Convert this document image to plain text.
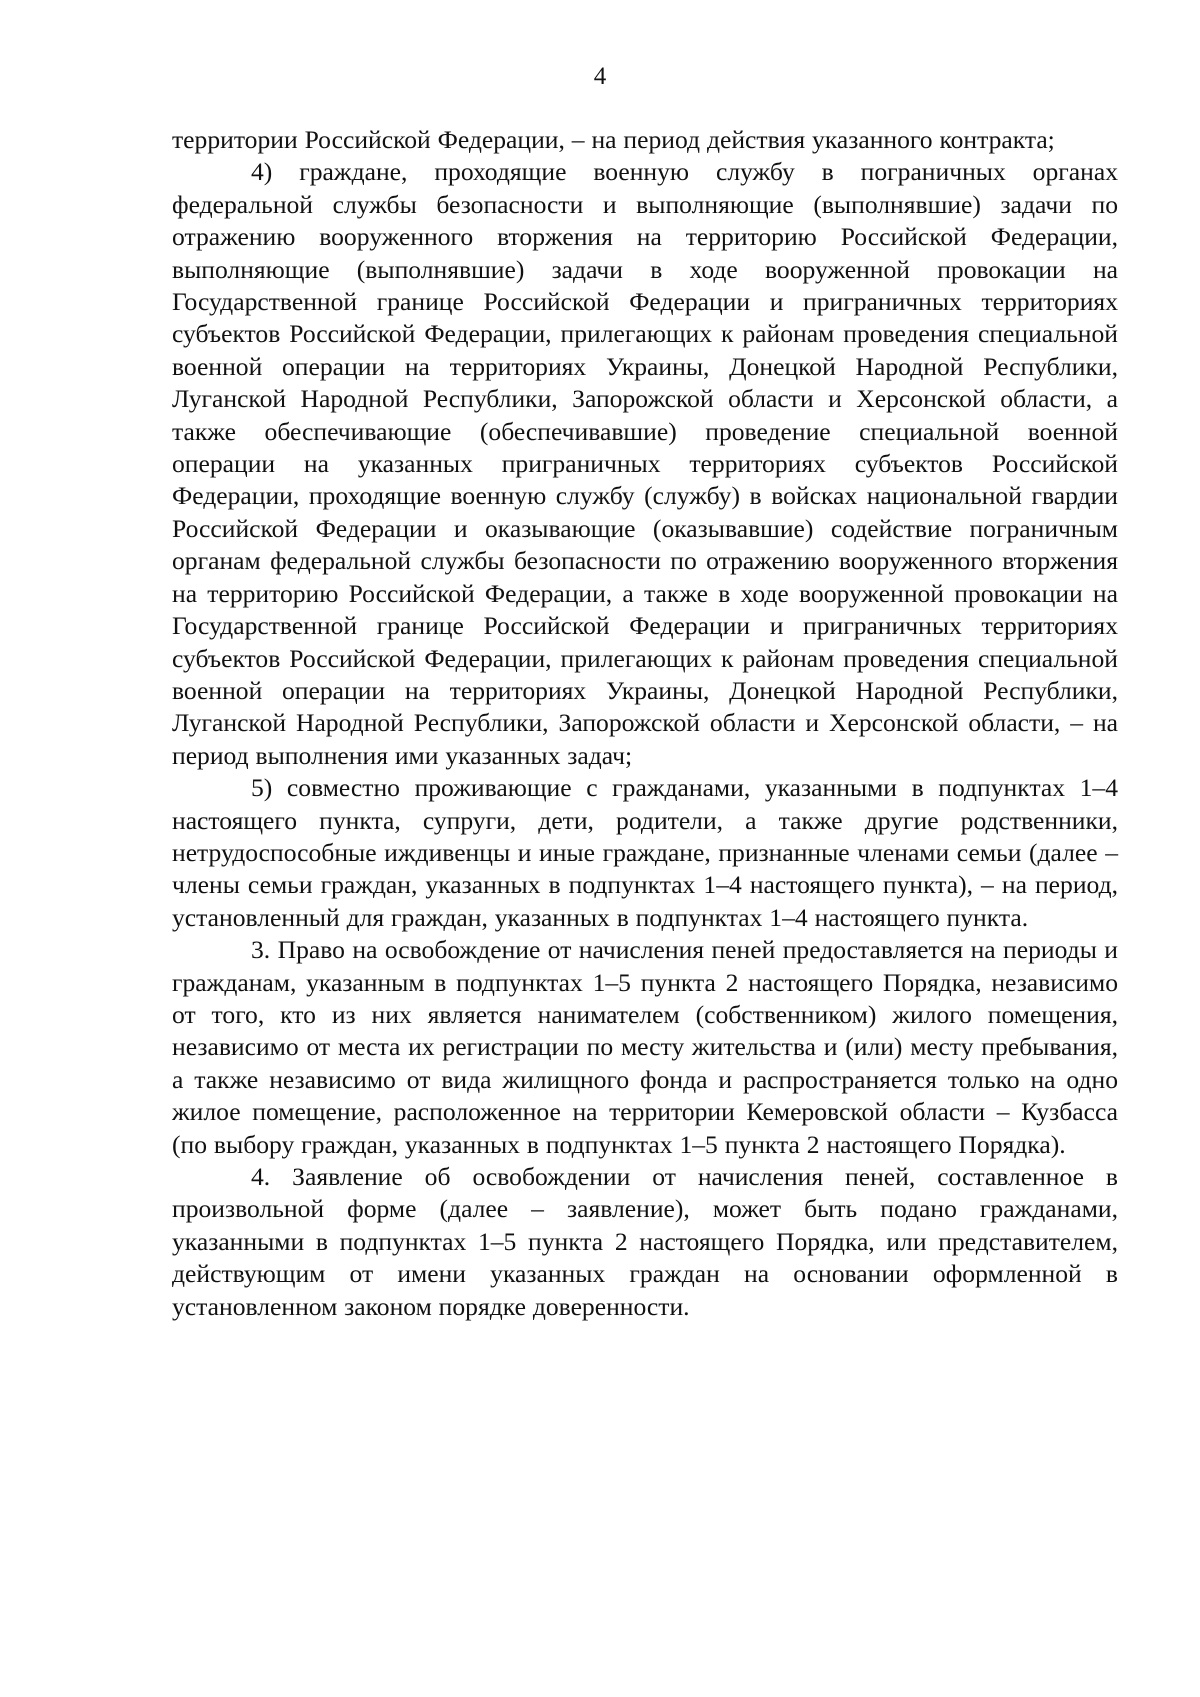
4

территории Российской Федерации, – на период действия указанного контракта;

4) граждане, проходящие военную службу в пограничных органах федеральной службы безопасности и выполняющие (выполнявшие) задачи по отражению вооруженного вторжения на территорию Российской Федерации, выполняющие (выполнявшие) задачи в ходе вооруженной провокации на Государственной границе Российской Федерации и приграничных территориях субъектов Российской Федерации, прилегающих к районам проведения специальной военной операции на территориях Украины, Донецкой Народной Республики, Луганской Народной Республики, Запорожской области и Херсонской области, а также обеспечивающие (обеспечивавшие) проведение специальной военной операции на указанных приграничных территориях субъектов Российской Федерации, проходящие военную службу (службу) в войсках национальной гвардии Российской Федерации и оказывающие (оказывавшие) содействие пограничным органам федеральной службы безопасности по отражению вооруженного вторжения на территорию Российской Федерации, а также в ходе вооруженной провокации на Государственной границе Российской Федерации и приграничных территориях субъектов Российской Федерации, прилегающих к районам проведения специальной военной операции на территориях Украины, Донецкой Народной Республики, Луганской Народной Республики, Запорожской области и Херсонской области, – на период выполнения ими указанных задач;

5) совместно проживающие с гражданами, указанными в подпунктах 1–4 настоящего пункта, супруги, дети, родители, а также другие родственники, нетрудоспособные иждивенцы и иные граждане, признанные членами семьи (далее – члены семьи граждан, указанных в подпунктах 1–4 настоящего пункта), – на период, установленный для граждан, указанных в подпунктах 1–4 настоящего пункта.

3. Право на освобождение от начисления пеней предоставляется на периоды и гражданам, указанным в подпунктах 1–5 пункта 2 настоящего Порядка, независимо от того, кто из них является нанимателем (собственником) жилого помещения, независимо от места их регистрации по месту жительства и (или) месту пребывания, а также независимо от вида жилищного фонда и распространяется только на одно жилое помещение, расположенное на территории Кемеровской области – Кузбасса (по выбору граждан, указанных в подпунктах 1–5 пункта 2 настоящего Порядка).

4. Заявление об освобождении от начисления пеней, составленное в произвольной форме (далее – заявление), может быть подано гражданами, указанными в подпунктах 1–5 пункта 2 настоящего Порядка, или представителем, действующим от имени указанных граждан на основании оформленной в установленном законом порядке доверенности.
